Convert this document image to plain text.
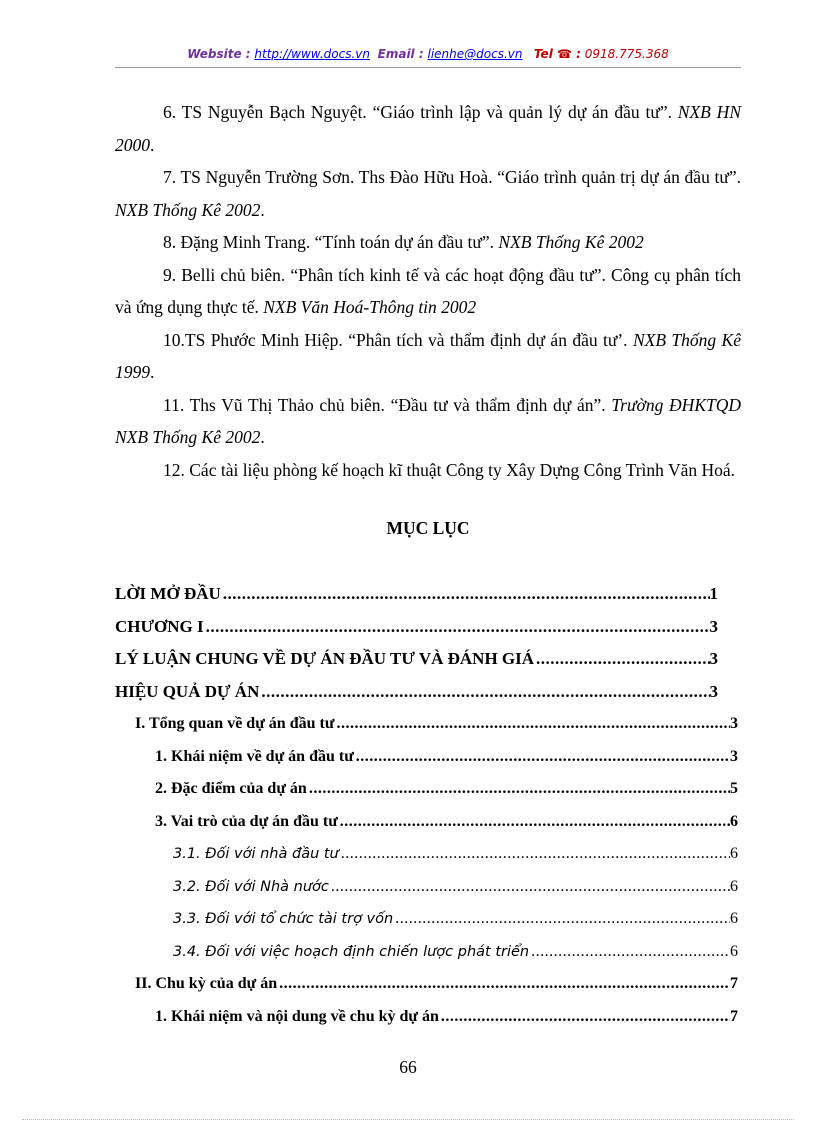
Website : http://www.docs.vn Email : lienhe@docs.vn Tel ☎ : 0918.775.368

6. TS Nguyễn Bạch Nguyệt. “Giáo trình lập và quản lý dự án đầu tư”. NXB HN 2000.

7. TS Nguyễn Trường Sơn. Ths Đào Hữu Hoà. “Giáo trình quản trị dự án đầu tư”. NXB Thống Kê 2002.

8. Đặng Minh Trang. “Tính toán dự án đầu tư”. NXB Thống Kê 2002

9. Belli chủ biên. “Phân tích kinh tế và các hoạt động đầu tư”. Công cụ phân tích và ứng dụng thực tế. NXB Văn Hoá-Thông tin 2002

10.TS Phước Minh Hiệp. “Phân tích và thẩm định dự án đầu tư’. NXB Thống Kê 1999.

11. Ths Vũ Thị Thảo chủ biên. “Đầu tư và thẩm định dự án”. Trường ĐHKTQD NXB Thống Kê 2002.

12. Các tài liệu phòng kế hoạch kĩ thuật Công ty Xây Dựng Công Trình Văn Hoá.

MỤC LỤC
LỜI MỞ ĐẦU .....	1
CHƯƠNG I .....	3
LÝ LUẬN CHUNG VỀ DỰ ÁN ĐẦU TƯ VÀ ĐÁNH GIÁ .....	3
HIỆU QUẢ DỰ ÁN .....	3
I. Tổng quan về dự án đầu tư .....	3
1. Khái niệm về dự án đầu tư .....	3
2. Đặc điểm của dự án .....	5
3. Vai trò của dự án đầu tư .....	6
3.1. Đối với nhà đầu tư .....	6
3.2. Đối với Nhà nước .....	6
3.3. Đối với tổ chức tài trợ vốn .....	6
3.4. Đối với việc hoạch định chiến lược phát triển .....	6
II. Chu kỳ của dự án .....	7
1. Khái niệm và nội dung về chu kỳ dự án .....	7
66
